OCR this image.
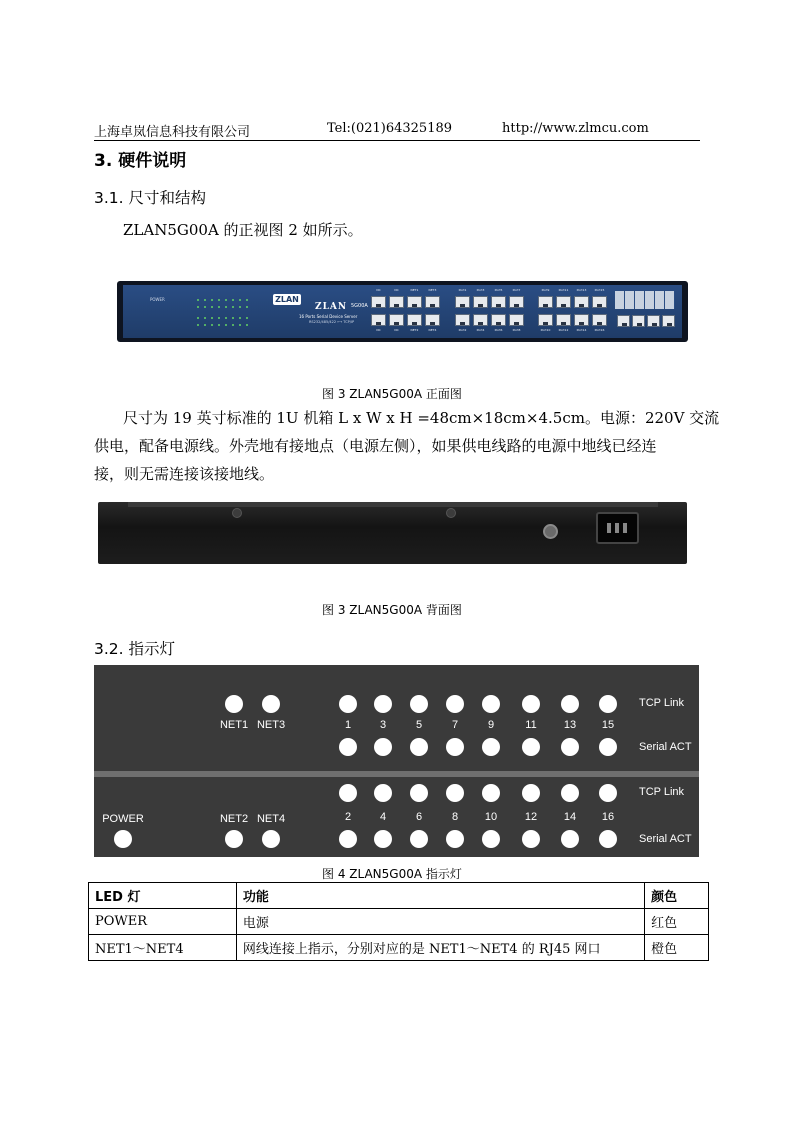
上海卓岚信息科技有限公司	Tel:(021)64325189	http://www.zlmcu.com
3. 硬件说明
3.1. 尺寸和结构
ZLAN5G00A 的正视图 2 如所示。
POWER	ZLAN
ZLAN 5G00A
16 Ports Serial Device Server
RS232/485/422 ⟷ TCP/IP
NC
NC
NC
NC
NET1
NET2
NET3
NET4
Port1
Port2
Port3
Port4
Port5
Port6
Port7
Port8
Port9
Port10
Port11
Port12
Port13
Port14
Port15
Port16
图 3 ZLAN5G00A 正面图
尺寸为 19 英寸标准的 1U 机箱 L x W x H =48cm×18cm×4.5cm。电源：220V 交流
供电，配备电源线。外壳地有接地点（电源左侧），如果供电线路的电源中地线已经连
接，则无需连接该接地线。
图 3 ZLAN5G00A 背面图
3.2. 指示灯
NET1 NET3
TCP Link
Serial ACT
POWER	NET2 NET4
TCP Link
Serial ACT
1	3	5	7	9	11 13 15
2	4	6	8 10	12 14 16
图 4 ZLAN5G00A 指示灯
LED 灯	功能	颜色
POWER	电源	红色
NET1～NET4	网线连接上指示，分别对应的是 NET1～NET4 的 RJ45 网口	橙色
